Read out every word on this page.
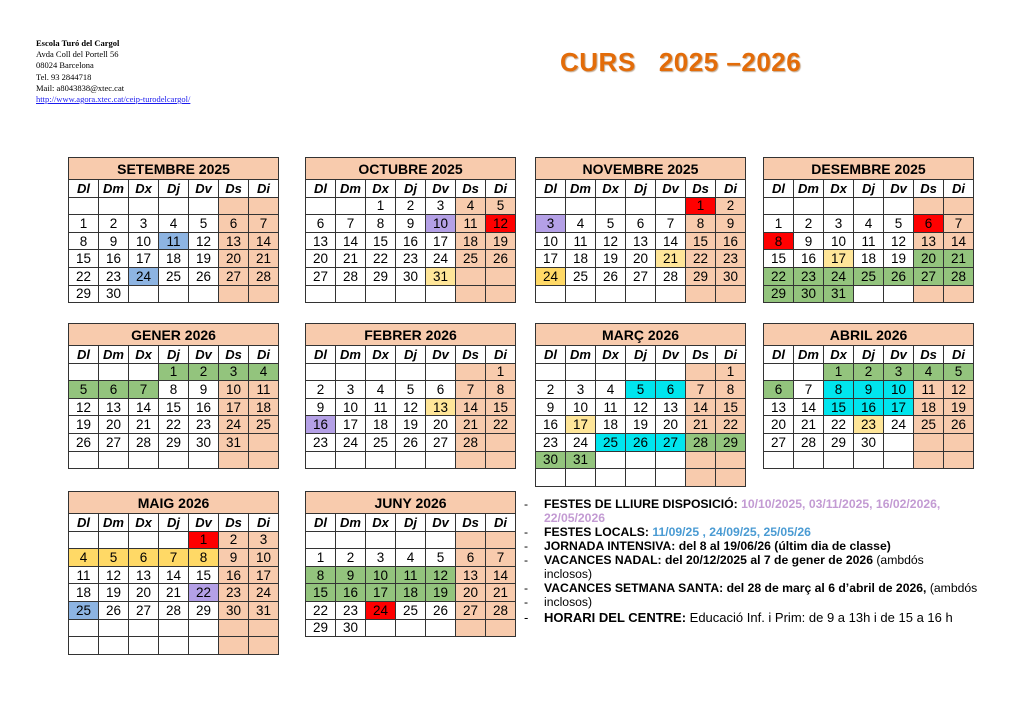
Escola Turó del Cargol
Avda Coll del Portell 56
08024 Barcelona
Tel. 93 2844718
Mail: a8043838@xtec.cat
http://www.agora.xtec.cat/ceip-turodelcargol/
CURS   2025 –2026
SETEMBRE 2025						
Dl	Dm	Dx	Dj	Dv	Ds	Di

1	2	3	4	5	6	7
8	9	10	11	12	13	14
15	16	17	18	19	20	21
22	23	24	25	26	27	28
29	30					
OCTUBRE 2025						
Dl	Dm	Dx	Dj	Dv	Ds	Di
		1	2	3	4	5
6	7	8	9	10	11	12
13	14	15	16	17	18	19
20	21	22	23	24	25	26
27	28	29	30	31		

NOVEMBRE 2025						
Dl	Dm	Dx	Dj	Dv	Ds	Di
					1	2
3	4	5	6	7	8	9
10	11	12	13	14	15	16
17	18	19	20	21	22	23
24	25	26	27	28	29	30

DESEMBRE 2025						
Dl	Dm	Dx	Dj	Dv	Ds	Di

1	2	3	4	5	6	7
8	9	10	11	12	13	14
15	16	17	18	19	20	21
22	23	24	25	26	27	28
29	30	31				
GENER 2026						
Dl	Dm	Dx	Dj	Dv	Ds	Di
			1	2	3	4
5	6	7	8	9	10	11
12	13	14	15	16	17	18
19	20	21	22	23	24	25
26	27	28	29	30	31	

FEBRER 2026						
Dl	Dm	Dx	Dj	Dv	Ds	Di
						1
2	3	4	5	6	7	8
9	10	11	12	13	14	15
16	17	18	19	20	21	22
23	24	25	26	27	28	

MARÇ 2026						
Dl	Dm	Dx	Dj	Dv	Ds	Di
						1
2	3	4	5	6	7	8
9	10	11	12	13	14	15
16	17	18	19	20	21	22
23	24	25	26	27	28	29
30	31					

ABRIL 2026						
Dl	Dm	Dx	Dj	Dv	Ds	Di
		1	2	3	4	5
6	7	8	9	10	11	12
13	14	15	16	17	18	19
20	21	22	23	24	25	26
27	28	29	30			

MAIG 2026						
Dl	Dm	Dx	Dj	Dv	Ds	Di
				1	2	3
4	5	6	7	8	9	10
11	12	13	14	15	16	17
18	19	20	21	22	23	24
25	26	27	28	29	30	31

JUNY 2026						
Dl	Dm	Dx	Dj	Dv	Ds	Di

1	2	3	4	5	6	7
8	9	10	11	12	13	14
15	16	17	18	19	20	21
22	23	24	25	26	27	28
29	30					
- FESTES DE LLIURE DISPOSICIÓ: 10/10/2025, 03/11/2025, 16/02/2026,
22/05/2026
- FESTES LOCALS: 11/09/25 , 24/09/25, 25/05/26
- JORNADA INTENSIVA: del 8 al 19/06/26 (últim dia de classe)
- VACANCES NADAL: del 20/12/2025 al 7 de gener de 2026 (ambdós
inclosos)
- VACANCES SETMANA SANTA: del 28 de març al 6 d’abril de 2026, (ambdós
- inclosos)
- HORARI DEL CENTRE: Educació Inf. i Prim: de 9 a 13h i de 15 a 16 h
